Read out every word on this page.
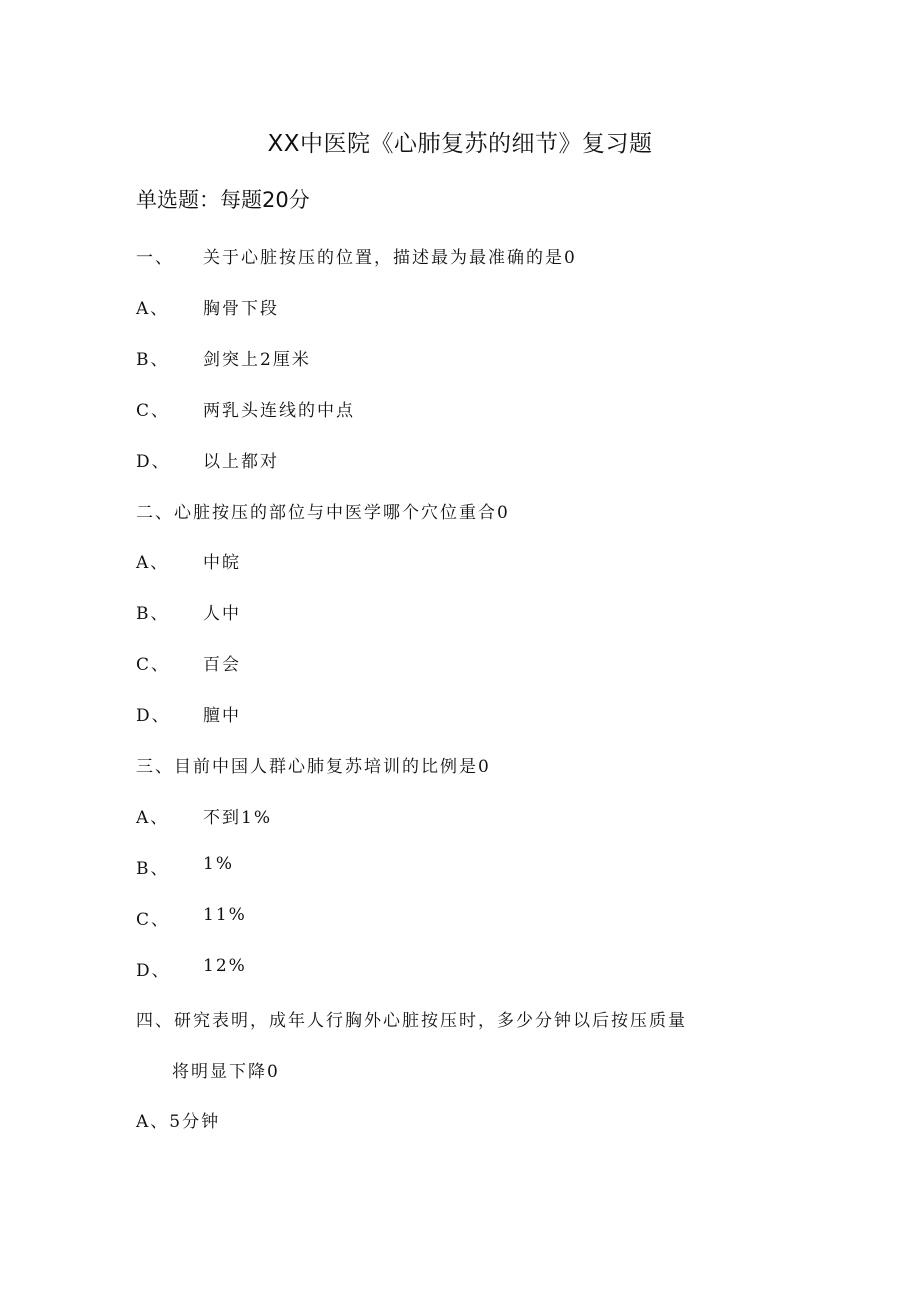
XX中医院《心肺复苏的细节》复习题
单选题：每题20分
一、 关于心脏按压的位置，描述最为最准确的是0
A、 胸骨下段
B、 剑突上2厘米
C、 两乳头连线的中点
D、 以上都对
二、心脏按压的部位与中医学哪个穴位重合0
A、 中皖
B、 人中
C、 百会
D、 膻中
三、目前中国人群心肺复苏培训的比例是0
A、 不到1%
B、 1%
C、 11%
D、 12%
四、研究表明，成年人行胸外心脏按压时，多少分钟以后按压质量
将明显下降0
A、5分钟
